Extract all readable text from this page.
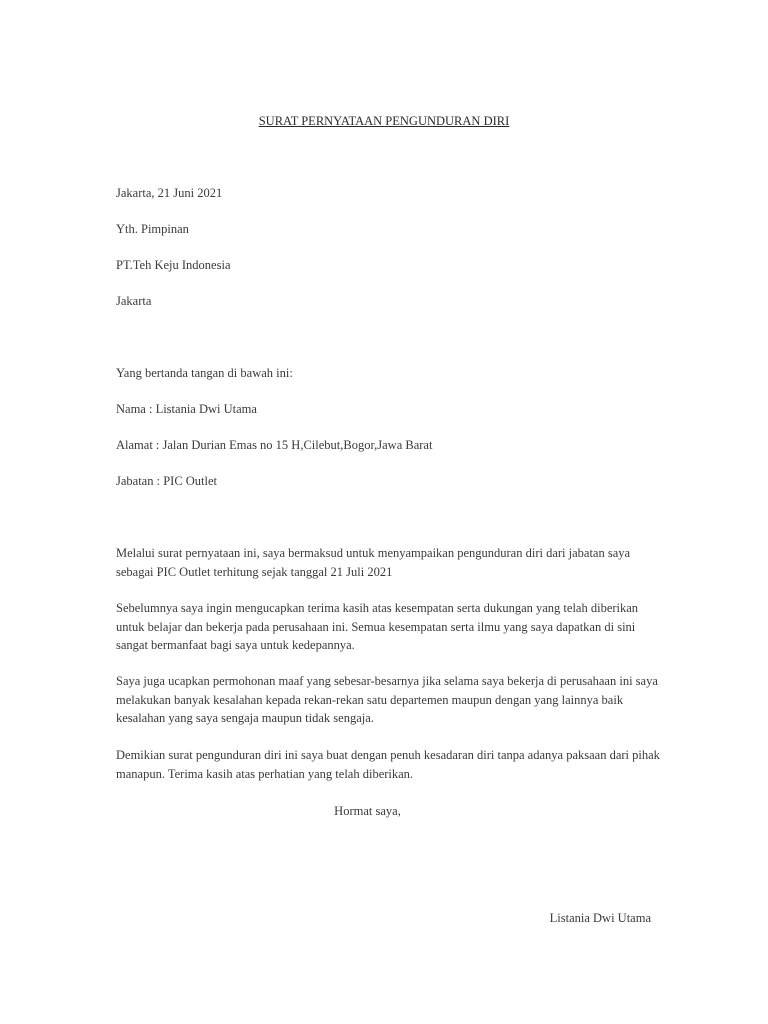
SURAT PERNYATAAN PENGUNDURAN DIRI
Jakarta, 21 Juni 2021
Yth. Pimpinan
PT.Teh Keju Indonesia
Jakarta
Yang bertanda tangan di bawah ini:
Nama : Listania Dwi Utama
Alamat : Jalan Durian Emas no 15 H,Cilebut,Bogor,Jawa Barat
Jabatan : PIC Outlet
Melalui surat pernyataan ini, saya bermaksud untuk menyampaikan pengunduran diri dari jabatan saya
sebagai PIC Outlet terhitung sejak tanggal 21 Juli 2021
Sebelumnya saya ingin mengucapkan terima kasih atas kesempatan serta dukungan yang telah diberikan
untuk belajar dan bekerja pada perusahaan ini. Semua kesempatan serta ilmu yang saya dapatkan di sini
sangat bermanfaat bagi saya untuk kedepannya.
Saya juga ucapkan permohonan maaf yang sebesar-besarnya jika selama saya bekerja di perusahaan ini saya
melakukan banyak kesalahan kepada rekan-rekan satu departemen maupun dengan yang lainnya baik
kesalahan yang saya sengaja maupun tidak sengaja.
Demikian surat pengunduran diri ini saya buat dengan penuh kesadaran diri tanpa adanya paksaan dari pihak
manapun. Terima kasih atas perhatian yang telah diberikan.
Hormat saya,
Listania Dwi Utama
